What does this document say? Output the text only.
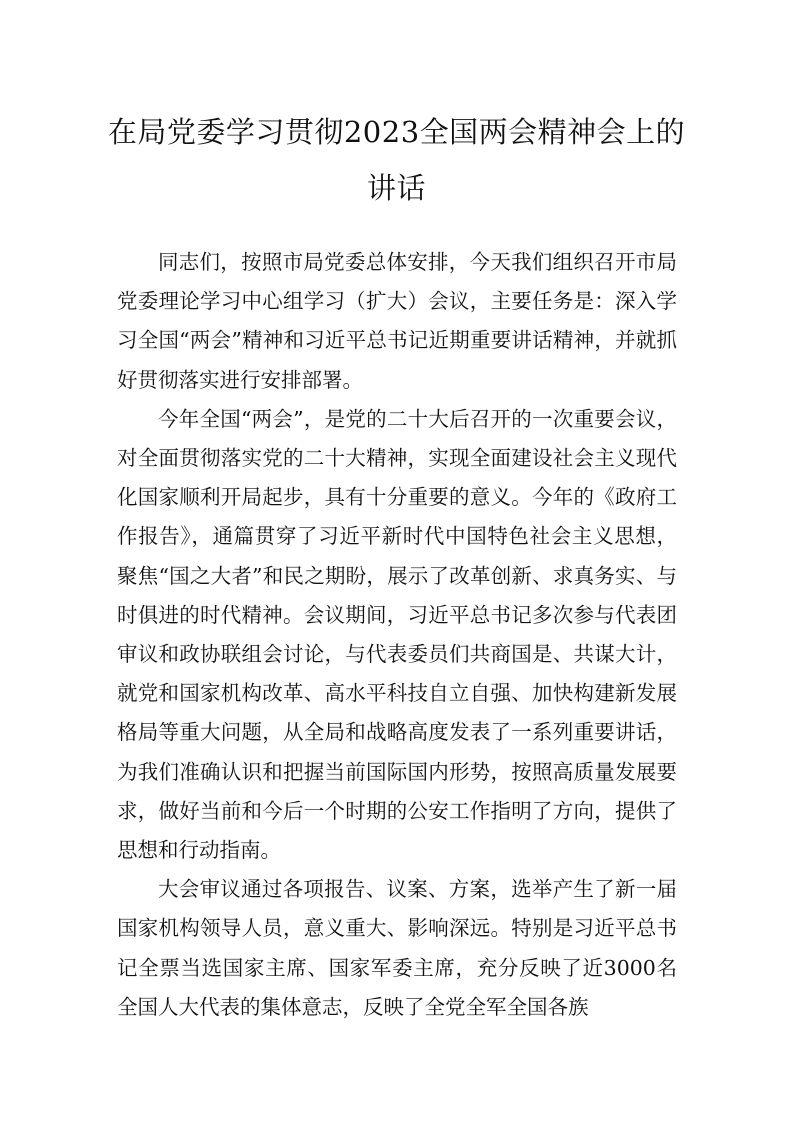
在局党委学习贯彻2023全国两会精神会上的讲话

同志们，按照市局党委总体安排，今天我们组织召开市局党委理论学习中心组学习（扩大）会议，主要任务是：深入学习全国“两会”精神和习近平总书记近期重要讲话精神，并就抓好贯彻落实进行安排部署。

今年全国“两会”，是党的二十大后召开的一次重要会议，对全面贯彻落实党的二十大精神，实现全面建设社会主义现代化国家顺利开局起步，具有十分重要的意义。今年的《政府工作报告》，通篇贯穿了习近平新时代中国特色社会主义思想，聚焦“国之大者”和民之期盼，展示了改革创新、求真务实、与时俱进的时代精神。会议期间，习近平总书记多次参与代表团审议和政协联组会讨论，与代表委员们共商国是、共谋大计，就党和国家机构改革、高水平科技自立自强、加快构建新发展格局等重大问题，从全局和战略高度发表了一系列重要讲话，为我们准确认识和把握当前国际国内形势，按照高质量发展要求，做好当前和今后一个时期的公安工作指明了方向，提供了思想和行动指南。

大会审议通过各项报告、议案、方案，选举产生了新一届国家机构领导人员，意义重大、影响深远。特别是习近平总书记全票当选国家主席、国家军委主席，充分反映了近3000名全国人大代表的集体意志，反映了全党全军全国各族
